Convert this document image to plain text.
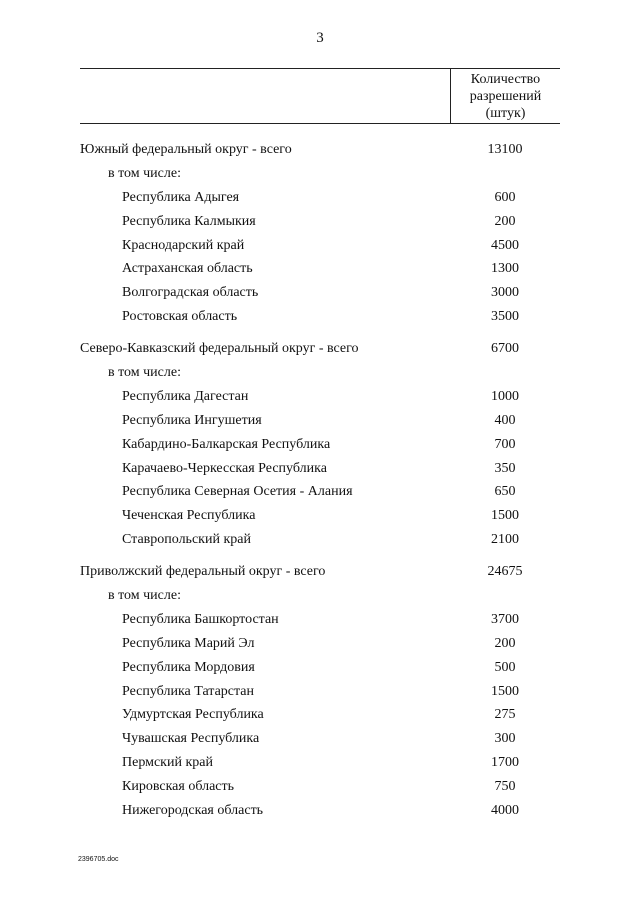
3
Количество
разрешений
(штук)
Южный федеральный округ - всего	13100
в том числе:
Республика Адыгея	600
Республика Калмыкия	200
Краснодарский край	4500
Астраханская область	1300
Волгоградская область	3000
Ростовская область	3500
Северо-Кавказский федеральный округ - всего	6700
в том числе:
Республика Дагестан	1000
Республика Ингушетия	400
Кабардино-Балкарская Республика	700
Карачаево-Черкесская Республика	350
Республика Северная Осетия - Алания	650
Чеченская Республика	1500
Ставропольский край	2100
Приволжский федеральный округ - всего	24675
в том числе:
Республика Башкортостан	3700
Республика Марий Эл	200
Республика Мордовия	500
Республика Татарстан	1500
Удмуртская Республика	275
Чувашская Республика	300
Пермский край	1700
Кировская область	750
Нижегородская область	4000
2396705.doc
